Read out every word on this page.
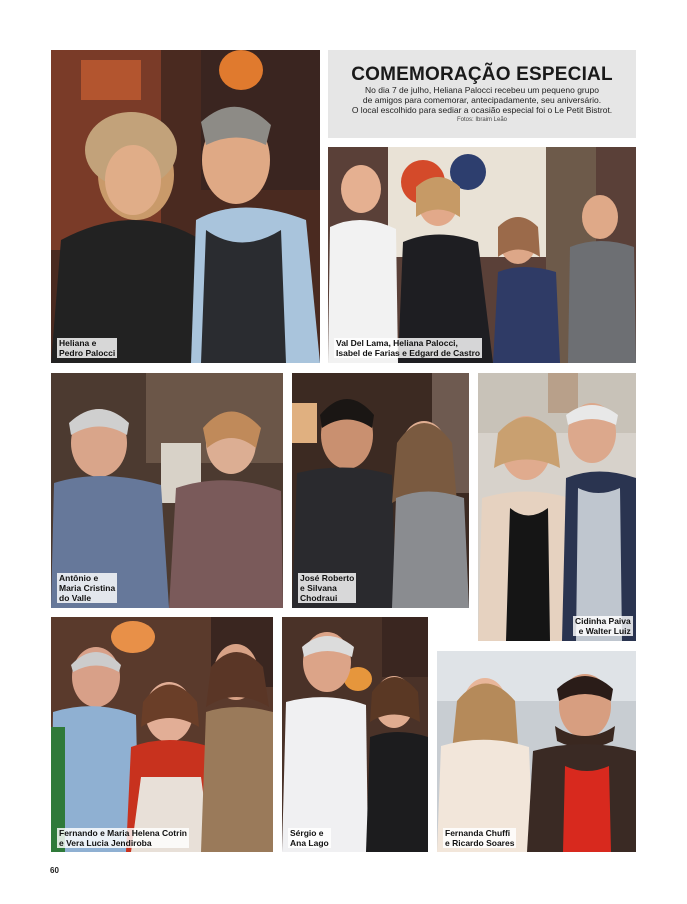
COMEMORAÇÃO ESPECIAL
No dia 7 de julho, Heliana Palocci recebeu um pequeno grupo
de amigos para comemorar, antecipadamente, seu aniversário.
O local escolhido para sediar a ocasião especial foi o Le Petit Bistrot.
Fotos: Ibraim Leão
Heliana e
Pedro Palocci
Val Del Lama, Heliana Palocci,
Isabel de Farias e Edgard de Castro
Antônio e
Maria Cristina
do Valle
José Roberto
e Silvana
Chodraui
Cidinha Paiva
e Walter Luiz
Fernando e Maria Helena Cotrin
e Vera Lucia Jendiroba
Sérgio e
Ana Lago
Fernanda Chuffi
e Ricardo Soares
60
